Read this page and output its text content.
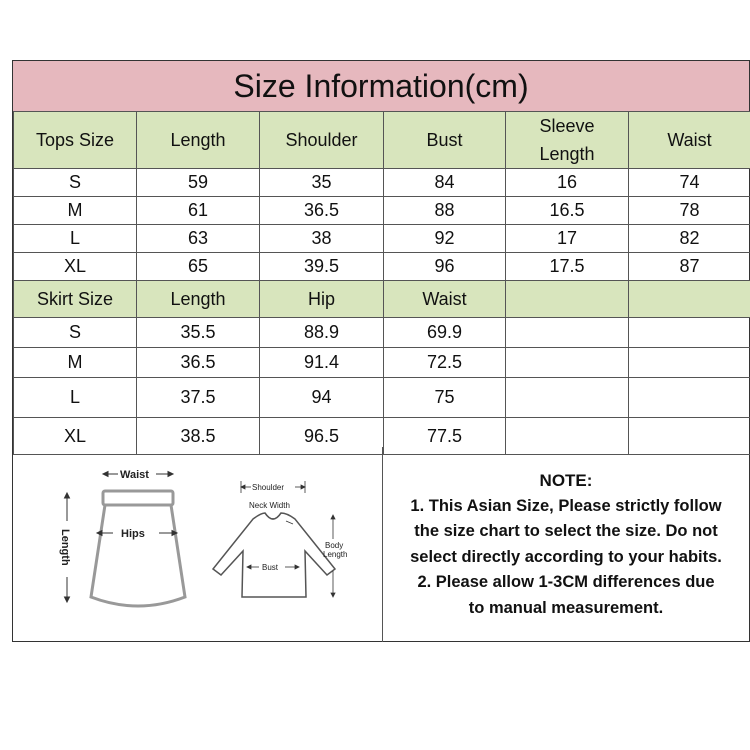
Size Information(cm)
Tops Size	Length	Shoulder	Bust	Sleeve Length	Waist
S	59	35	84	16	74
M	61	36.5	88	16.5	78
L	63	38	92	17	82
XL	65	39.5	96	17.5	87
Skirt Size	Length	Hip	Waist		
S	35.5	88.9	69.9		
M	36.5	91.4	72.5		
L	37.5	94	75		
XL	38.5	96.5	77.5		
Waist
Hips
Length
Shoulder
Neck Width
Body
Length
Bust
NOTE:
1. This Asian Size, Please strictly follow
the size chart to select the size. Do not
select directly according to your habits.
2. Please allow 1-3CM differences due
to manual measurement.
